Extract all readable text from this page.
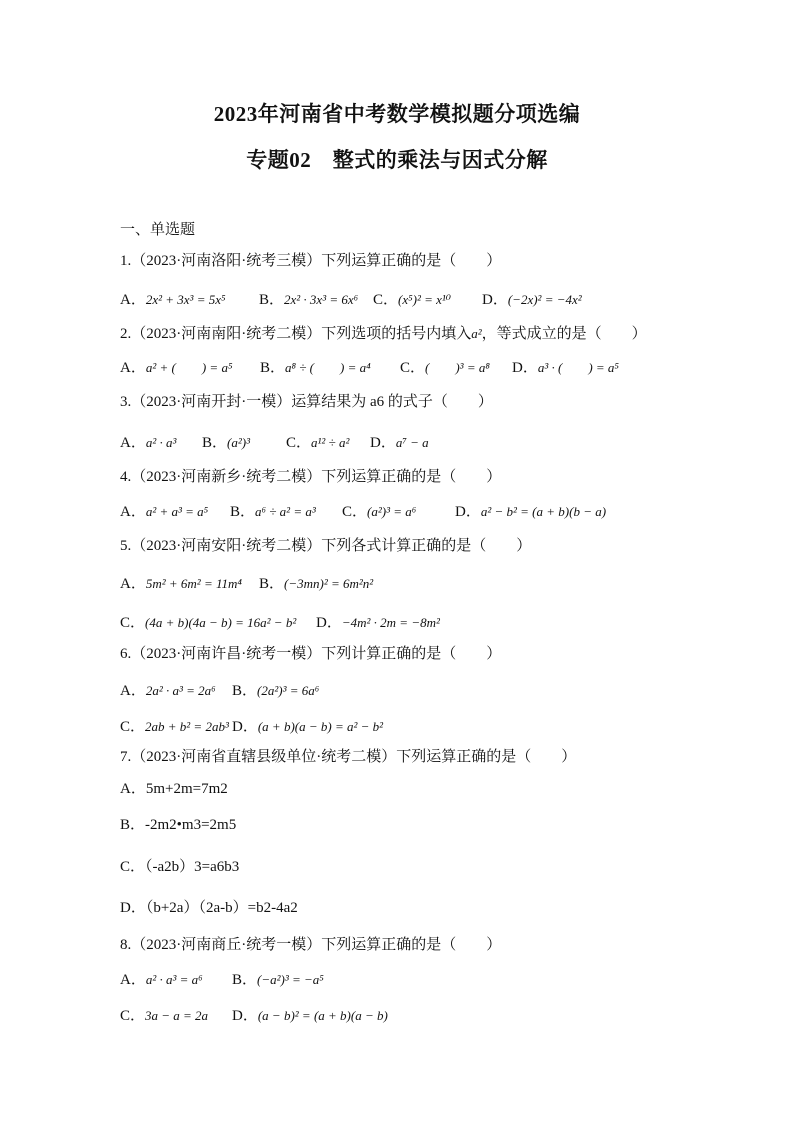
2023年河南省中考数学模拟题分项选编
专题02　整式的乘法与因式分解
一、单选题
1.（2023·河南洛阳·统考三模）下列运算正确的是（　　）
A．2x² + 3x³ = 5x⁵ B．2x² · 3x³ = 6x⁶ C．(x⁵)² = x¹⁰ D．(−2x)² = −4x²
2.（2023·河南南阳·统考二模）下列选项的括号内填入a²，等式成立的是（　　）
A．a² + (　　) = a⁵ B．a⁸ ÷ (　　) = a⁴ C．(　　)³ = a⁸ D．a³ · (　　) = a⁵
3.（2023·河南开封·一模）运算结果为 a6 的式子（　　）
A．a² · a³ B．(a²)³ C．a¹² ÷ a² D．a⁷ − a
4.（2023·河南新乡·统考二模）下列运算正确的是（　　）
A．a² + a³ = a⁵ B．a⁶ ÷ a² = a³ C．(a²)³ = a⁶	D．a² − b² = (a + b)(b − a)
5.（2023·河南安阳·统考二模）下列各式计算正确的是（　　）
A．5m² + 6m² = 11m⁴ B．(−3mn)² = 6m²n²
C．(4a + b)(4a − b) = 16a² − b² D．−4m² · 2m = −8m²
6.（2023·河南许昌·统考一模）下列计算正确的是（　　）
A．2a² · a³ = 2a⁶ B．(2a²)³ = 6a⁶
C．2ab + b² = 2ab³ D．(a + b)(a − b) = a² − b²
7.（2023·河南省直辖县级单位·统考二模）下列运算正确的是（　　）
A．5m+2m=7m2
B．-2m2•m3=2m5
C．（-a2b）3=a6b3
D．（b+2a）（2a-b）=b2-4a2
8.（2023·河南商丘·统考一模）下列运算正确的是（　　）
A．a² · a³ = a⁶ B．(−a²)³ = −a⁵
C．3a − a = 2a D．(a − b)² = (a + b)(a − b)
